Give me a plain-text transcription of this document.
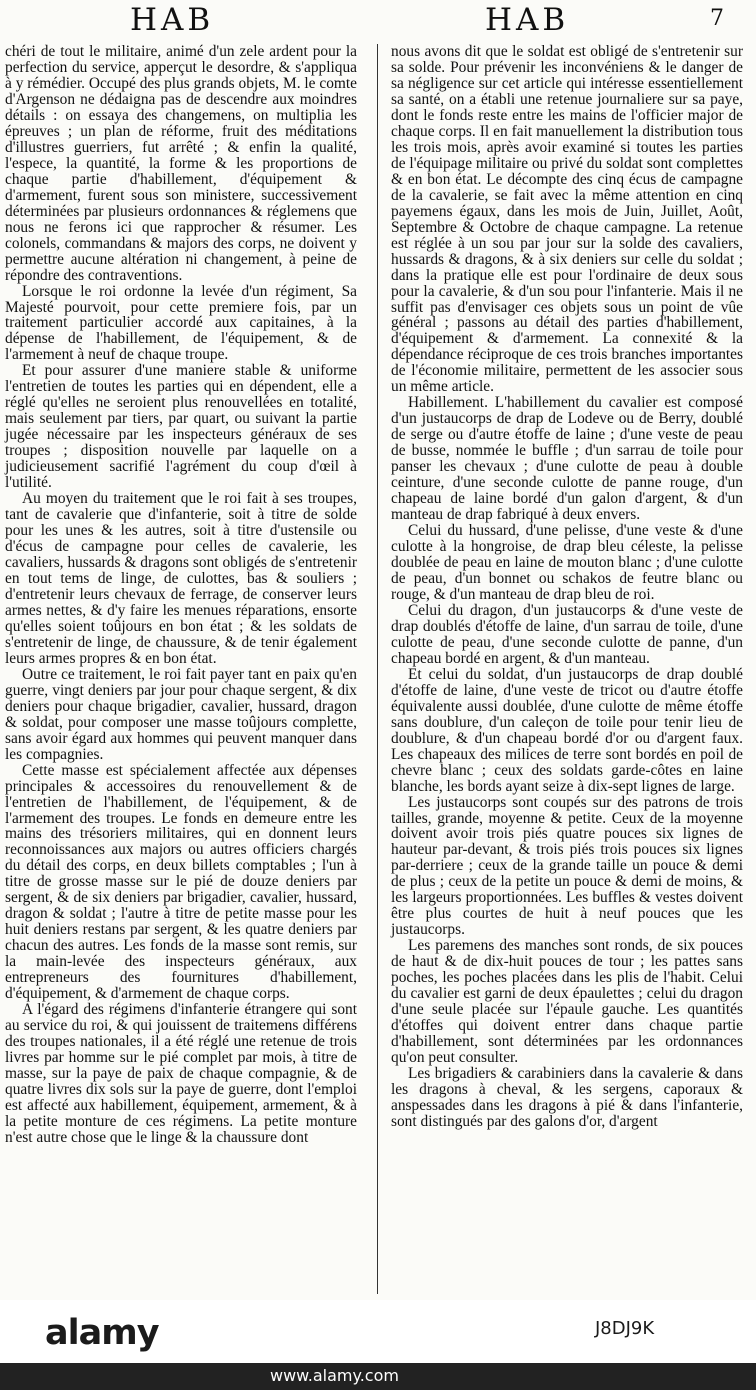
HAB	HAB	7

chéri de tout le militaire, animé d'un zele ardent pour la perfection du service, apperçut le desordre, & s'appliqua à y rémédier. Occupé des plus grands objets, M. le comte d'Argenson ne dédaigna pas de descendre aux moindres détails : on essaya des changemens, on multiplia les épreuves ; un plan de réforme, fruit des méditations d'illustres guerriers, fut arrêté ; & enfin la qualité, l'espece, la quantité, la forme & les proportions de chaque partie d'habillement, d'équipement & d'armement, furent sous son ministere, successivement déterminées par plusieurs ordonnances & réglemens que nous ne ferons ici que rapprocher & résumer. Les colonels, commandans & majors des corps, ne doivent y permettre aucune altération ni changement, à peine de répondre des contraventions.

Lorsque le roi ordonne la levée d'un régiment, Sa Majesté pourvoit, pour cette premiere fois, par un traitement particulier accordé aux capitaines, à la dépense de l'habillement, de l'équipement, & de l'armement à neuf de chaque troupe.

Et pour assurer d'une maniere stable & uniforme l'entretien de toutes les parties qui en dépendent, elle a réglé qu'elles ne seroient plus renouvellées en totalité, mais seulement par tiers, par quart, ou suivant la partie jugée nécessaire par les inspecteurs généraux de ses troupes ; disposition nouvelle par laquelle on a judicieusement sacrifié l'agrément du coup d'œil à l'utilité.

Au moyen du traitement que le roi fait à ses troupes, tant de cavalerie que d'infanterie, soit à titre de solde pour les unes & les autres, soit à titre d'ustensile ou d'écus de campagne pour celles de cavalerie, les cavaliers, hussards & dragons sont obligés de s'entretenir en tout tems de linge, de culottes, bas & souliers ; d'entretenir leurs chevaux de ferrage, de conserver leurs armes nettes, & d'y faire les menues réparations, ensorte qu'elles soient toûjours en bon état ; & les soldats de s'entretenir de linge, de chaussure, & de tenir également leurs armes propres & en bon état.

Outre ce traitement, le roi fait payer tant en paix qu'en guerre, vingt deniers par jour pour chaque sergent, & dix deniers pour chaque brigadier, cavalier, hussard, dragon & soldat, pour composer une masse toûjours complette, sans avoir égard aux hommes qui peuvent manquer dans les compagnies.

Cette masse est spécialement affectée aux dépenses principales & accessoires du renouvellement & de l'entretien de l'habillement, de l'équipement, & de l'armement des troupes. Le fonds en demeure entre les mains des trésoriers militaires, qui en donnent leurs reconnoissances aux majors ou autres officiers chargés du détail des corps, en deux billets comptables ; l'un à titre de grosse masse sur le pié de douze deniers par sergent, & de six deniers par brigadier, cavalier, hussard, dragon & soldat ; l'autre à titre de petite masse pour les huit deniers restans par sergent, & les quatre deniers par chacun des autres. Les fonds de la masse sont remis, sur la main-levée des inspecteurs généraux, aux entrepreneurs des fournitures d'habillement, d'équipement, & d'armement de chaque corps.

A l'égard des régimens d'infanterie étrangere qui sont au service du roi, & qui jouissent de traitemens différens des troupes nationales, il a été réglé une retenue de trois livres par homme sur le pié complet par mois, à titre de masse, sur la paye de paix de chaque compagnie, & de quatre livres dix sols sur la paye de guerre, dont l'emploi est affecté aux habillement, équipement, armement, & à la petite monture de ces régimens. La petite monture n'est autre chose que le linge & la chaussure dont

nous avons dit que le soldat est obligé de s'entretenir sur sa solde. Pour prévenir les inconvéniens & le danger de sa négligence sur cet article qui intéresse essentiellement sa santé, on a établi une retenue journaliere sur sa paye, dont le fonds reste entre les mains de l'officier major de chaque corps. Il en fait manuellement la distribution tous les trois mois, après avoir examiné si toutes les parties de l'équipage militaire ou privé du soldat sont complettes & en bon état. Le décompte des cinq écus de campagne de la cavalerie, se fait avec la même attention en cinq payemens égaux, dans les mois de Juin, Juillet, Août, Septembre & Octobre de chaque campagne. La retenue est réglée à un sou par jour sur la solde des cavaliers, hussards & dragons, & à six deniers sur celle du soldat ; dans la pratique elle est pour l'ordinaire de deux sous pour la cavalerie, & d'un sou pour l'infanterie. Mais il ne suffit pas d'envisager ces objets sous un point de vûe général ; passons au détail des parties d'habillement, d'équipement & d'armement. La connexité & la dépendance réciproque de ces trois branches importantes de l'économie militaire, permettent de les associer sous un même article.

Habillement. L'habillement du cavalier est composé d'un justaucorps de drap de Lodeve ou de Berry, doublé de serge ou d'autre étoffe de laine ; d'une veste de peau de busse, nommée le buffle ; d'un sarrau de toile pour panser les chevaux ; d'une culotte de peau à double ceinture, d'une seconde culotte de panne rouge, d'un chapeau de laine bordé d'un galon d'argent, & d'un manteau de drap fabriqué à deux envers.

Celui du hussard, d'une pelisse, d'une veste & d'une culotte à la hongroise, de drap bleu céleste, la pelisse doublée de peau en laine de mouton blanc ; d'une culotte de peau, d'un bonnet ou schakos de feutre blanc ou rouge, & d'un manteau de drap bleu de roi.

Celui du dragon, d'un justaucorps & d'une veste de drap doublés d'étoffe de laine, d'un sarrau de toile, d'une culotte de peau, d'une seconde culotte de panne, d'un chapeau bordé en argent, & d'un manteau.

Et celui du soldat, d'un justaucorps de drap doublé d'étoffe de laine, d'une veste de tricot ou d'autre étoffe équivalente aussi doublée, d'une culotte de même étoffe sans doublure, d'un caleçon de toile pour tenir lieu de doublure, & d'un chapeau bordé d'or ou d'argent faux. Les chapeaux des milices de terre sont bordés en poil de chevre blanc ; ceux des soldats garde-côtes en laine blanche, les bords ayant seize à dix-sept lignes de large.

Les justaucorps sont coupés sur des patrons de trois tailles, grande, moyenne & petite. Ceux de la moyenne doivent avoir trois piés quatre pouces six lignes de hauteur par-devant, & trois piés trois pouces six lignes par-derriere ; ceux de la grande taille un pouce & demi de plus ; ceux de la petite un pouce & demi de moins, & les largeurs proportionnées. Les buffles & vestes doivent être plus courtes de huit à neuf pouces que les justaucorps.

Les paremens des manches sont ronds, de six pouces de haut & de dix-huit pouces de tour ; les pattes sans poches, les poches placées dans les plis de l'habit. Celui du cavalier est garni de deux épaulettes ; celui du dragon d'une seule placée sur l'épaule gauche. Les quantités d'étoffes qui doivent entrer dans chaque partie d'habillement, sont déterminées par les ordonnances qu'on peut consulter.

Les brigadiers & carabiniers dans la cavalerie & dans les dragons à cheval, & les sergens, caporaux & anspessades dans les dragons à pié & dans l'infanterie, sont distingués par des galons d'or, d'argent

alamy	J8DJ9K
www.alamy.com
